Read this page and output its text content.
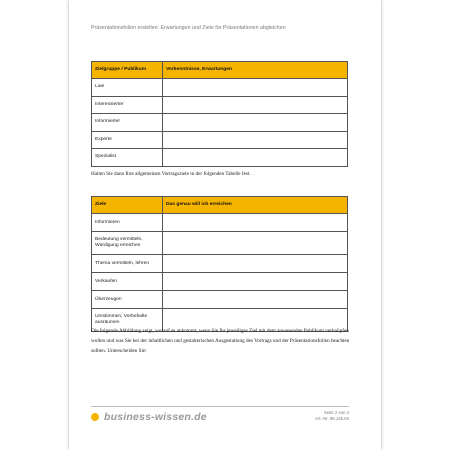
Präsentationsfolien erstellen: Erwartungen und Ziele für Präsentationen abgleichen
Zielgruppe / Publikum	Vorkenntnisse, Erwartungen
Laie	
Interessierter	
Informierter	
Experte	
Spezialist	
Halten Sie dann Ihre allgemeinen Vortragsziele in der folgenden Tabelle fest.
Ziele	Das genau will ich erreichen
Informieren	
Bedeutung vermitteln, Würdigung erreichen	
Thema vermitteln, lehren	
Verkaufen	
Überzeugen	
Umstimmen, Vorbehalte ausräumen	
Die folgende Abbildung zeigt, worauf es ankommt, wenn Sie Ihr jeweiliges Ziel mit dem anwesenden Publikum verknüpfen wollen und was Sie bei der inhaltlichen und gestalterischen Ausgestaltung des Vortrags und der Präsentationsfolien beachten sollten. Unterscheiden Sie:
business-wissen.de	Seite 2 von 4
Art.-Nr. 99.145.04
